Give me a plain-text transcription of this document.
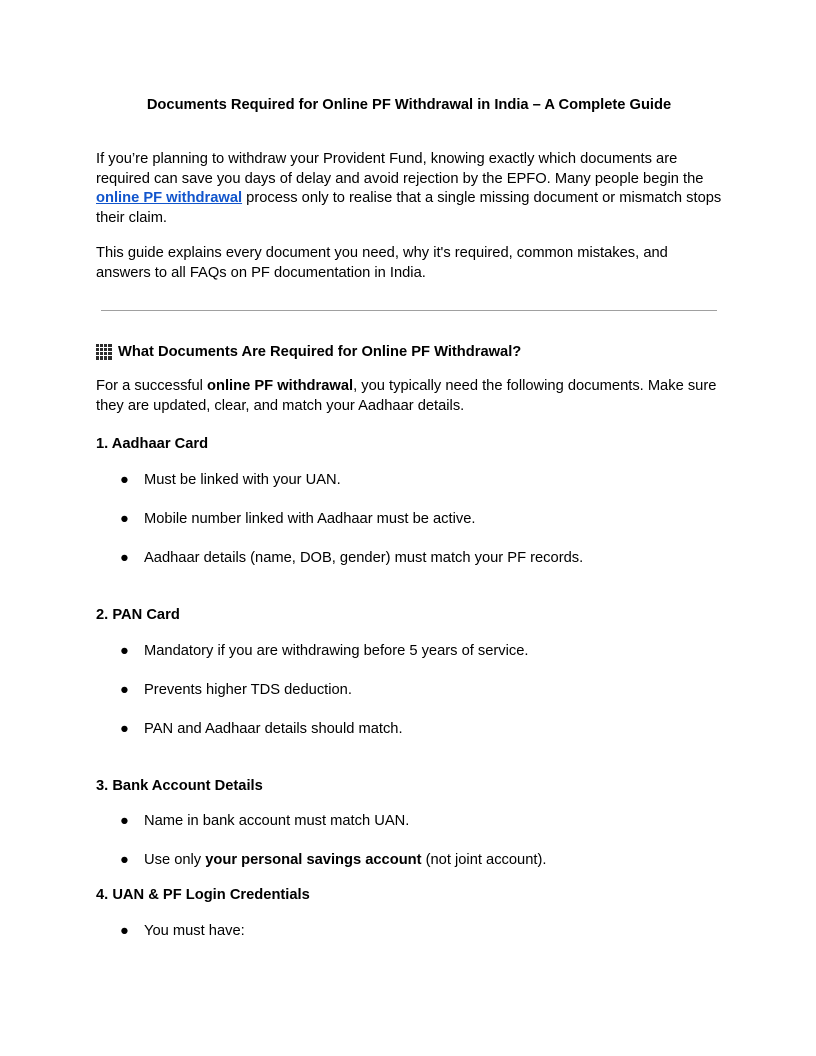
Documents Required for Online PF Withdrawal in India – A Complete Guide

If you’re planning to withdraw your Provident Fund, knowing exactly which documents are required can save you days of delay and avoid rejection by the EPFO. Many people begin the online PF withdrawal process only to realise that a single missing document or mismatch stops their claim.

This guide explains every document you need, why it's required, common mistakes, and answers to all FAQs on PF documentation in India.

What Documents Are Required for Online PF Withdrawal?

For a successful online PF withdrawal, you typically need the following documents. Make sure they are updated, clear, and match your Aadhaar details.

1. Aadhaar Card
●	Must be linked with your UAN.
●	Mobile number linked with Aadhaar must be active.
●	Aadhaar details (name, DOB, gender) must match your PF records.
2. PAN Card
●	Mandatory if you are withdrawing before 5 years of service.
●	Prevents higher TDS deduction.
●	PAN and Aadhaar details should match.
3. Bank Account Details
●	Name in bank account must match UAN.
●	Use only your personal savings account (not joint account).
4. UAN & PF Login Credentials
●	You must have:
